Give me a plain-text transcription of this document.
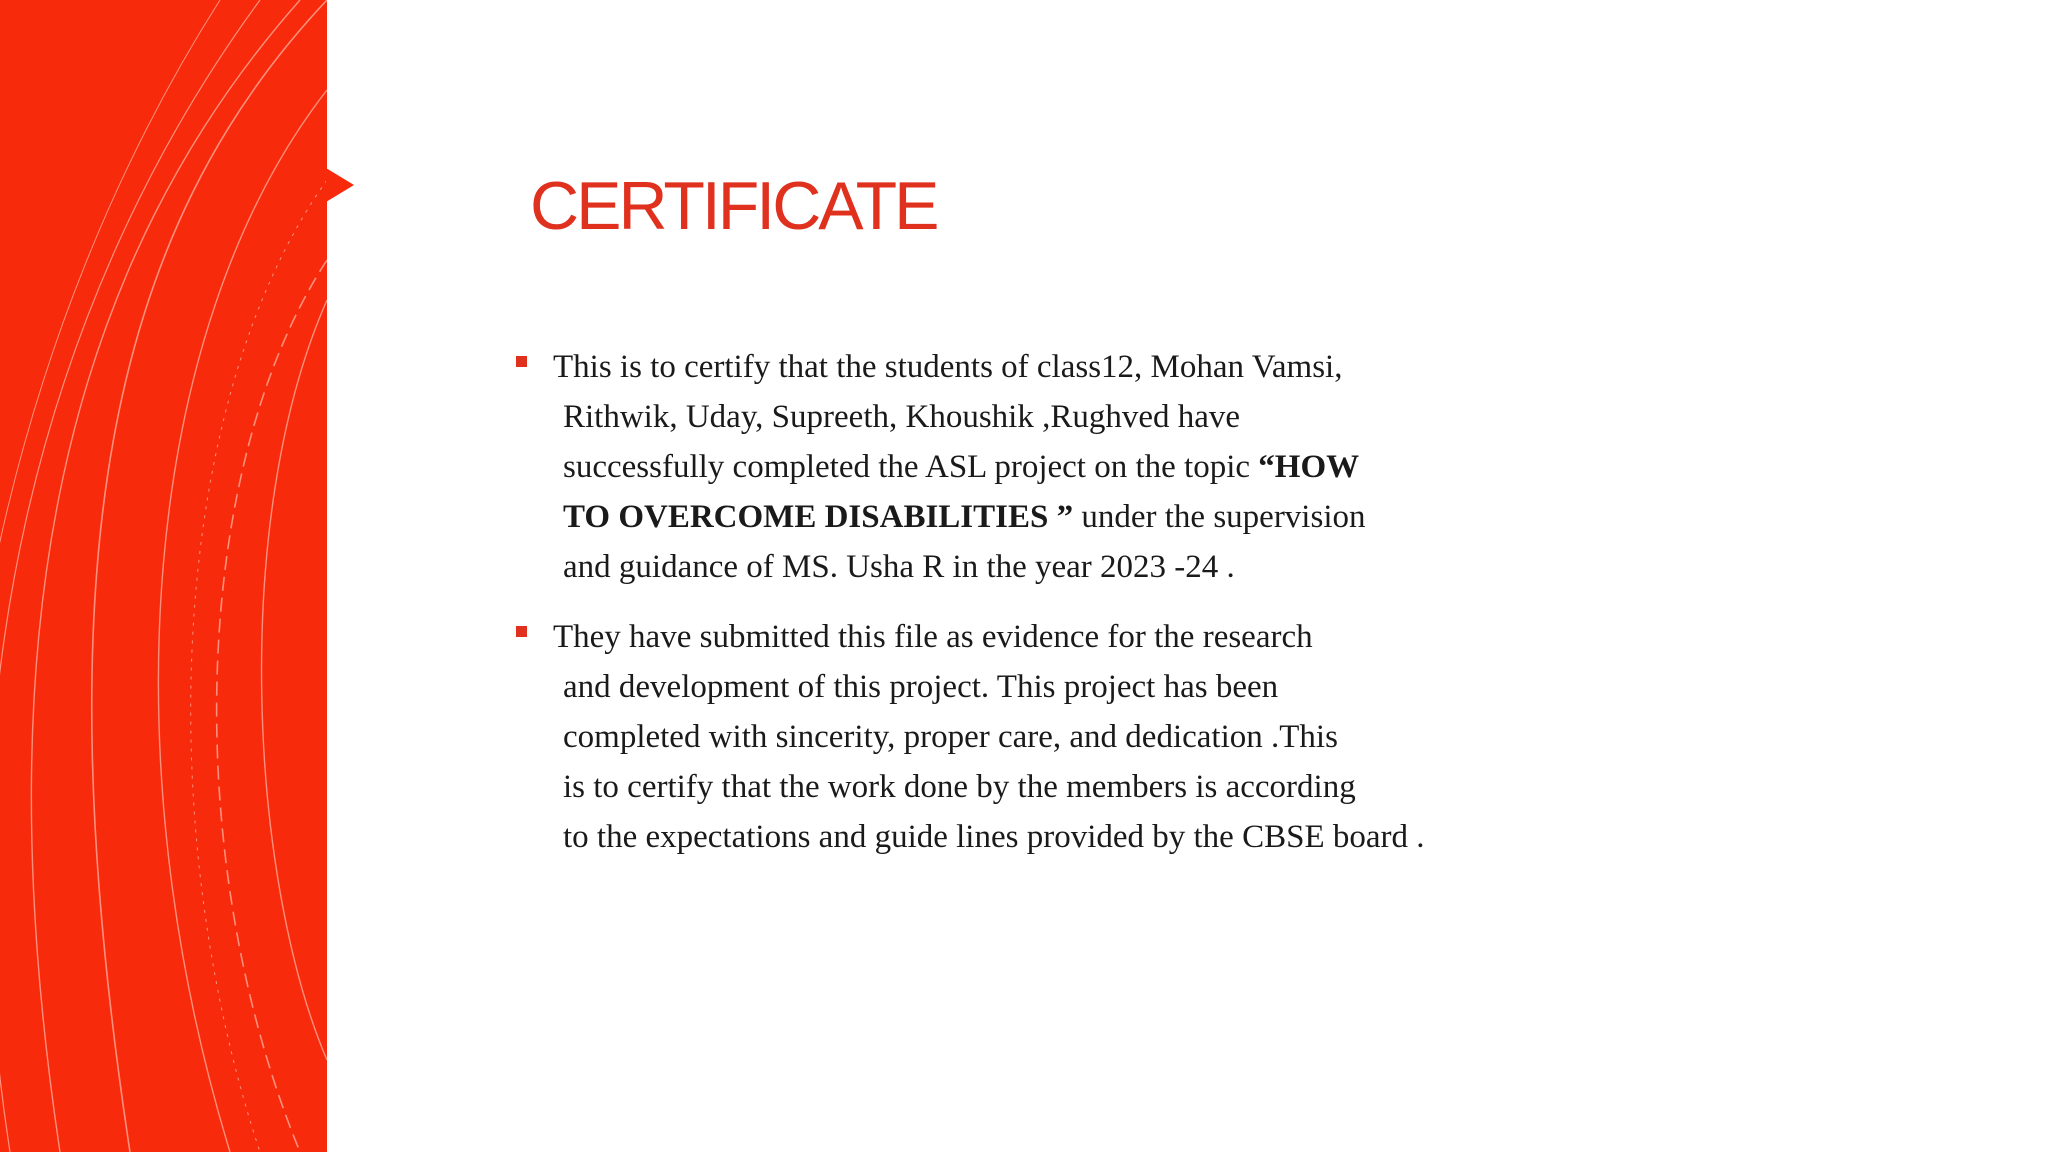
CERTIFICATE

This is to certify that the students of class12, Mohan Vamsi,
Rithwik, Uday, Supreeth, Khoushik ,Rughved have
successfully completed the ASL project on the topic “HOW
TO OVERCOME DISABILITIES ” under the supervision
and guidance of MS. Usha R in the year 2023 -24 .

They have submitted this file as evidence for the research
and development of this project. This project has been
completed with sincerity, proper care, and dedication .This
is to certify that the work done by the members is according
to the expectations and guide lines provided by the CBSE board .
